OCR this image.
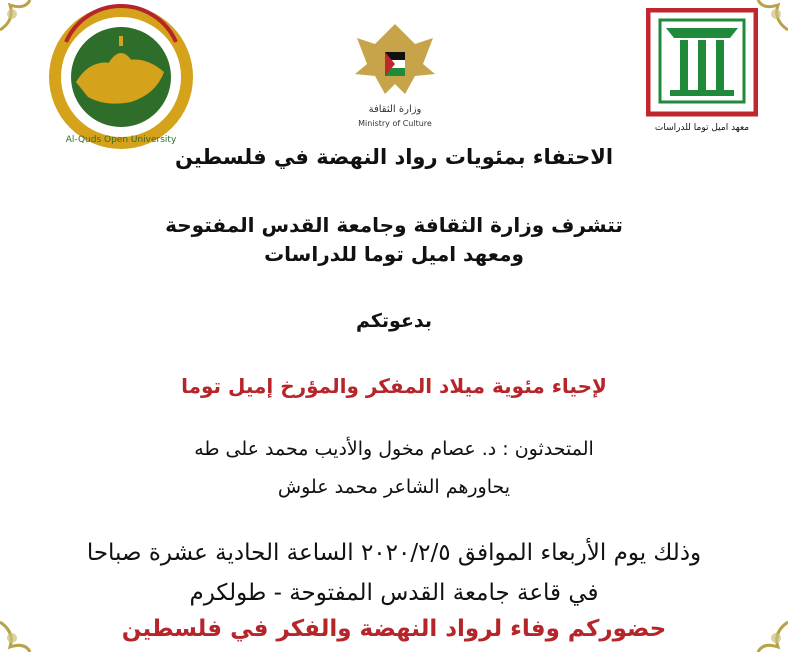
Al-Quds Open University
وزارة الثقافة
Ministry of Culture	معهد اميل توما للدراسات
الاحتفاء بمئويات رواد النهضة في فلسطين
تتشرف وزارة الثقافة وجامعة القدس المفتوحة
ومعهد اميل توما للدراسات
بدعوتكم
لإحياء مئوية ميلاد المفكر والمؤرخ إميل توما
المتحدثون : د. عصام مخول والأديب محمد على طه
يحاورهم الشاعر محمد علوش
وذلك يوم الأربعاء الموافق ٢٠٢٠/٢/٥ الساعة الحادية عشرة صباحا
في قاعة جامعة القدس المفتوحة - طولكرم
حضوركم وفاء لرواد النهضة والفكر في فلسطين
